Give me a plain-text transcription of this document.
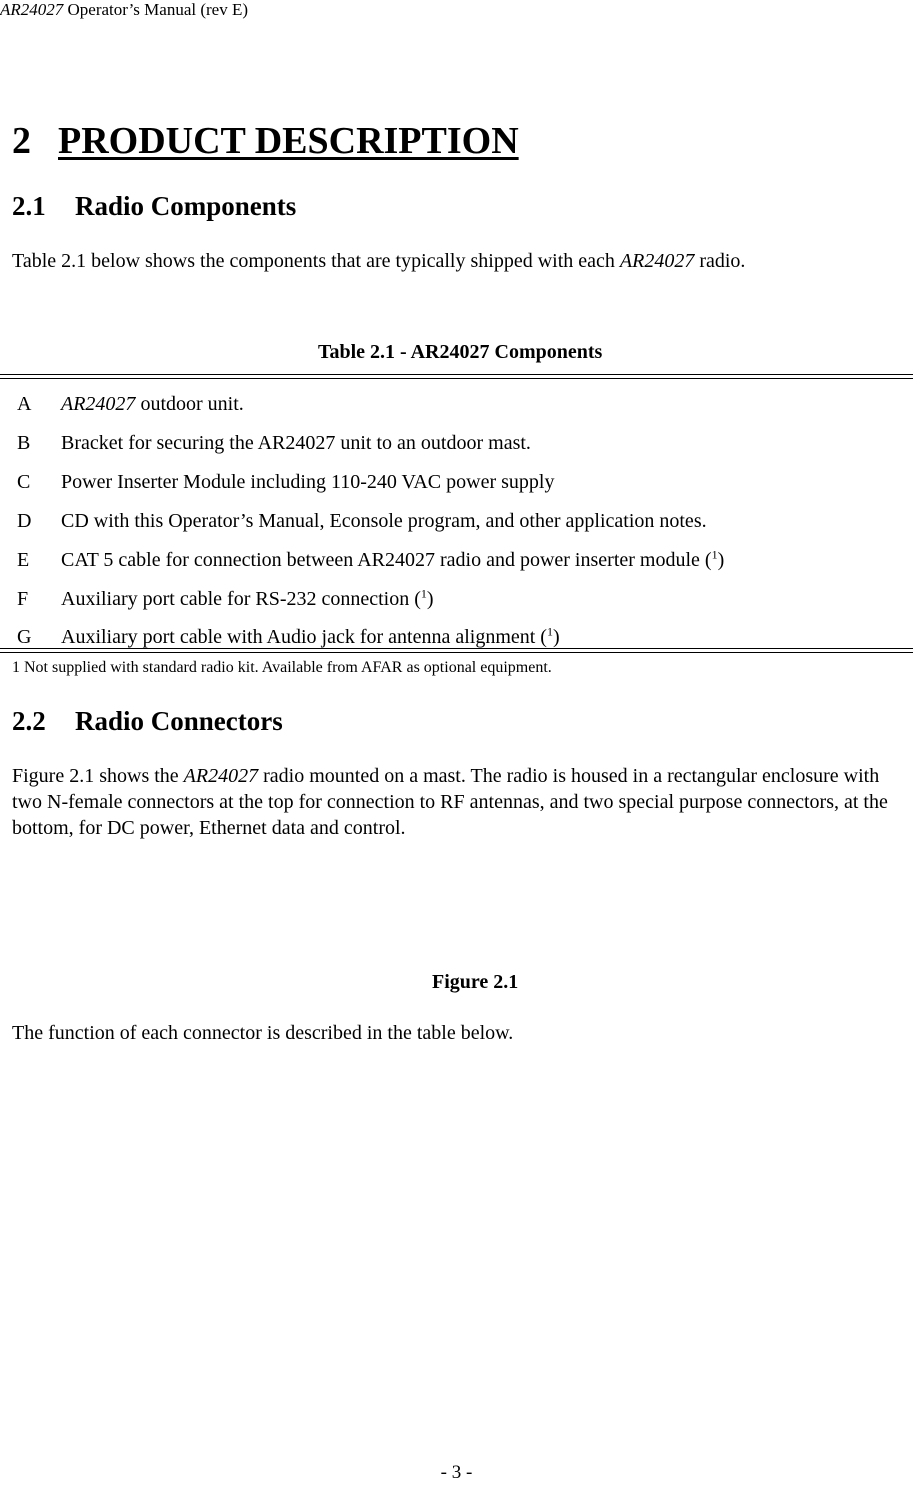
AR24027 Operator’s Manual (rev E)
2 PRODUCT DESCRIPTION
2.1 Radio Components
Table 2.1 below shows the components that are typically shipped with each AR24027 radio.
Table 2.1 - AR24027 Components
A AR24027 outdoor unit.
B Bracket for securing the AR24027 unit to an outdoor mast.
C Power Inserter Module including 110-240 VAC power supply
D CD with this Operator’s Manual, Econsole program, and other application notes.
E CAT 5 cable for connection between AR24027 radio and power inserter module ($^1$)
F Auxiliary port cable for RS-232 connection ($^1$)
G Auxiliary port cable with Audio jack for antenna alignment ($^1$)
1 Not supplied with standard radio kit. Available from AFAR as optional equipment.
2.2 Radio Connectors
Figure 2.1 shows the AR24027 radio mounted on a mast. The radio is housed in a rectangular enclosure with two N-female connectors at the top for connection to RF antennas, and two special purpose connectors, at the bottom, for DC power, Ethernet data and control.
Figure 2.1
The function of each connector is described in the table below.
- 3 -
